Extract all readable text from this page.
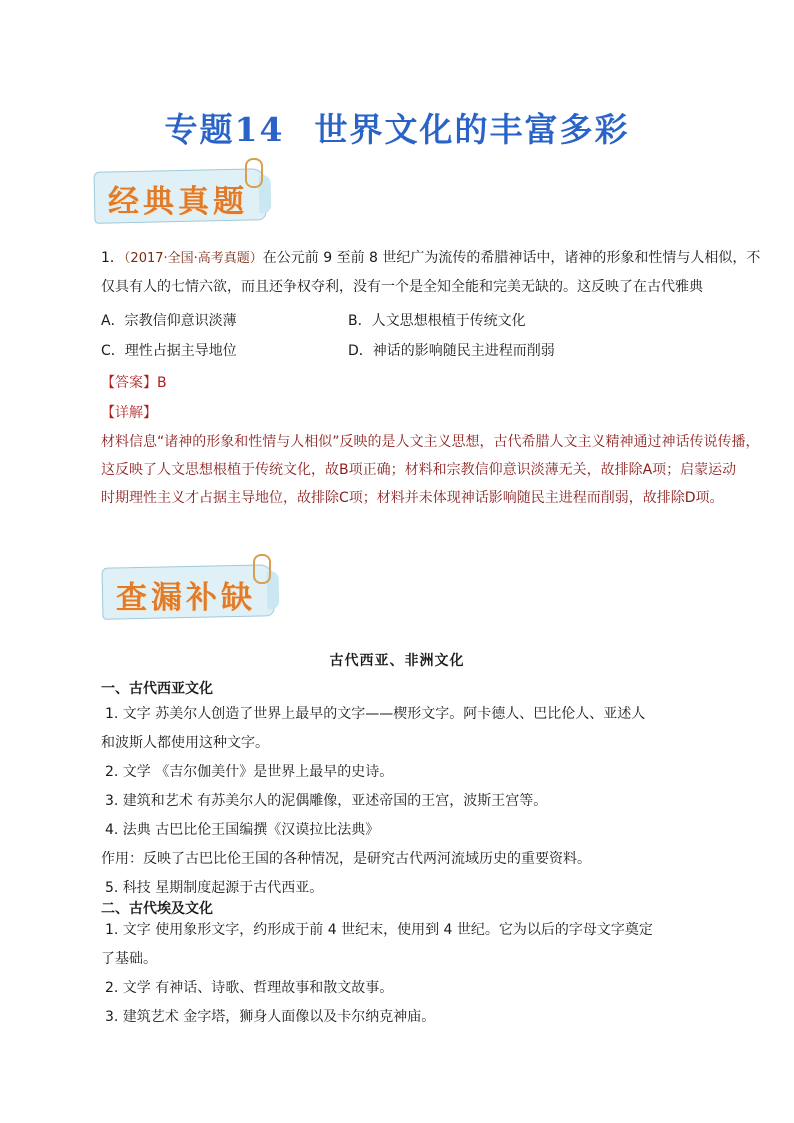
专题14 世界文化的丰富多彩
经典真题
1．（2017·全国·高考真题）在公元前 9 至前 8 世纪广为流传的希腊神话中，诸神的形象和性情与人相似，不
仅具有人的七情六欲，而且还争权夺利，没有一个是全知全能和完美无缺的。这反映了在古代雅典
A．宗教信仰意识淡薄	B．人文思想根植于传统文化
C．理性占据主导地位	D．神话的影响随民主进程而削弱
【答案】B
【详解】
材料信息“诸神的形象和性情与人相似”反映的是人文主义思想，古代希腊人文主义精神通过神话传说传播，
这反映了人文思想根植于传统文化，故B项正确；材料和宗教信仰意识淡薄无关，故排除A项；启蒙运动
时期理性主义才占据主导地位，故排除C项；材料并未体现神话影响随民主进程而削弱，故排除D项。
查漏补缺
古代西亚、非洲文化
一、古代西亚文化
1. 文字 苏美尔人创造了世界上最早的文字——楔形文字。阿卡德人、巴比伦人、亚述人
和波斯人都使用这种文字。
2. 文学 《吉尔伽美什》是世界上最早的史诗。
3. 建筑和艺术 有苏美尔人的泥偶雕像，亚述帝国的王宫，波斯王宫等。
4. 法典 古巴比伦王国编撰《汉谟拉比法典》
作用：反映了古巴比伦王国的各种情况，是研究古代两河流域历史的重要资料。
5. 科技 星期制度起源于古代西亚。
二、古代埃及文化
1. 文字 使用象形文字，约形成于前 4 世纪末，使用到 4 世纪。它为以后的字母文字奠定
了基础。
2. 文学 有神话、诗歌、哲理故事和散文故事。
3. 建筑艺术 金字塔，狮身人面像以及卡尔纳克神庙。
